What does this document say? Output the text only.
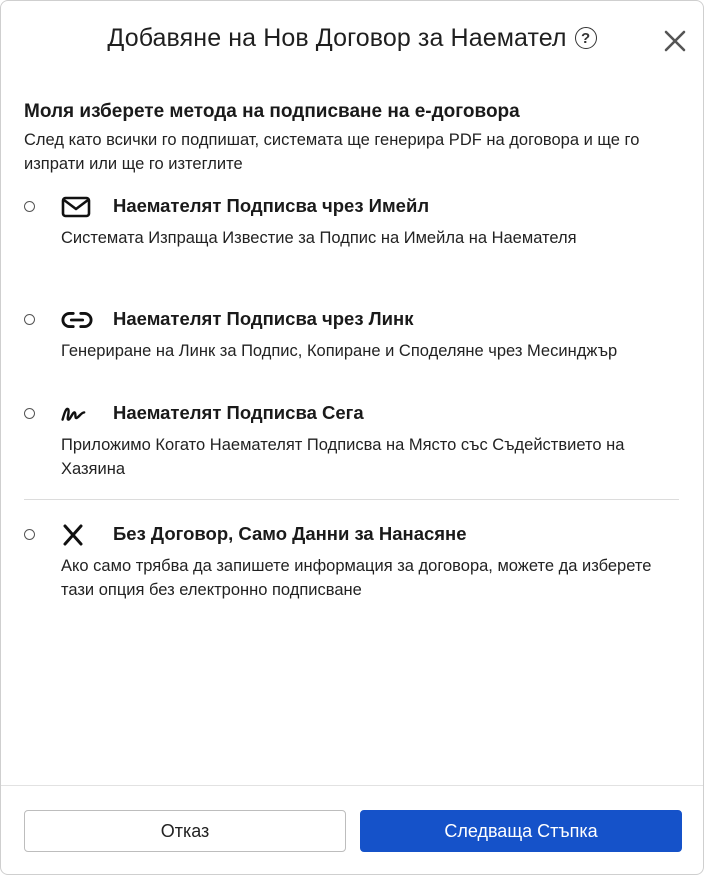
Добавяне на Нов Договор за Наемател ?

Моля изберете метода на подписване на е-договора

След като всички го подпишат, системата ще генерира PDF на договора и ще го изпрати или ще го изтеглите

Наемателят Подписва чрез Имейл
Системата Изпраща Известие за Подпис на Имейла на Наемателя
Наемателят Подписва чрез Линк
Генериране на Линк за Подпис, Копиране и Споделяне чрез Месинджър
Наемателят Подписва Сега
Приложимо Когато Наемателят Подписва на Място със Съдействието на Хазяина
Без Договор, Само Данни за Нанасяне
Ако само трябва да запишете информация за договора, можете да изберете тази опция без електронно подписване
Отказ	Следваща Стъпка
